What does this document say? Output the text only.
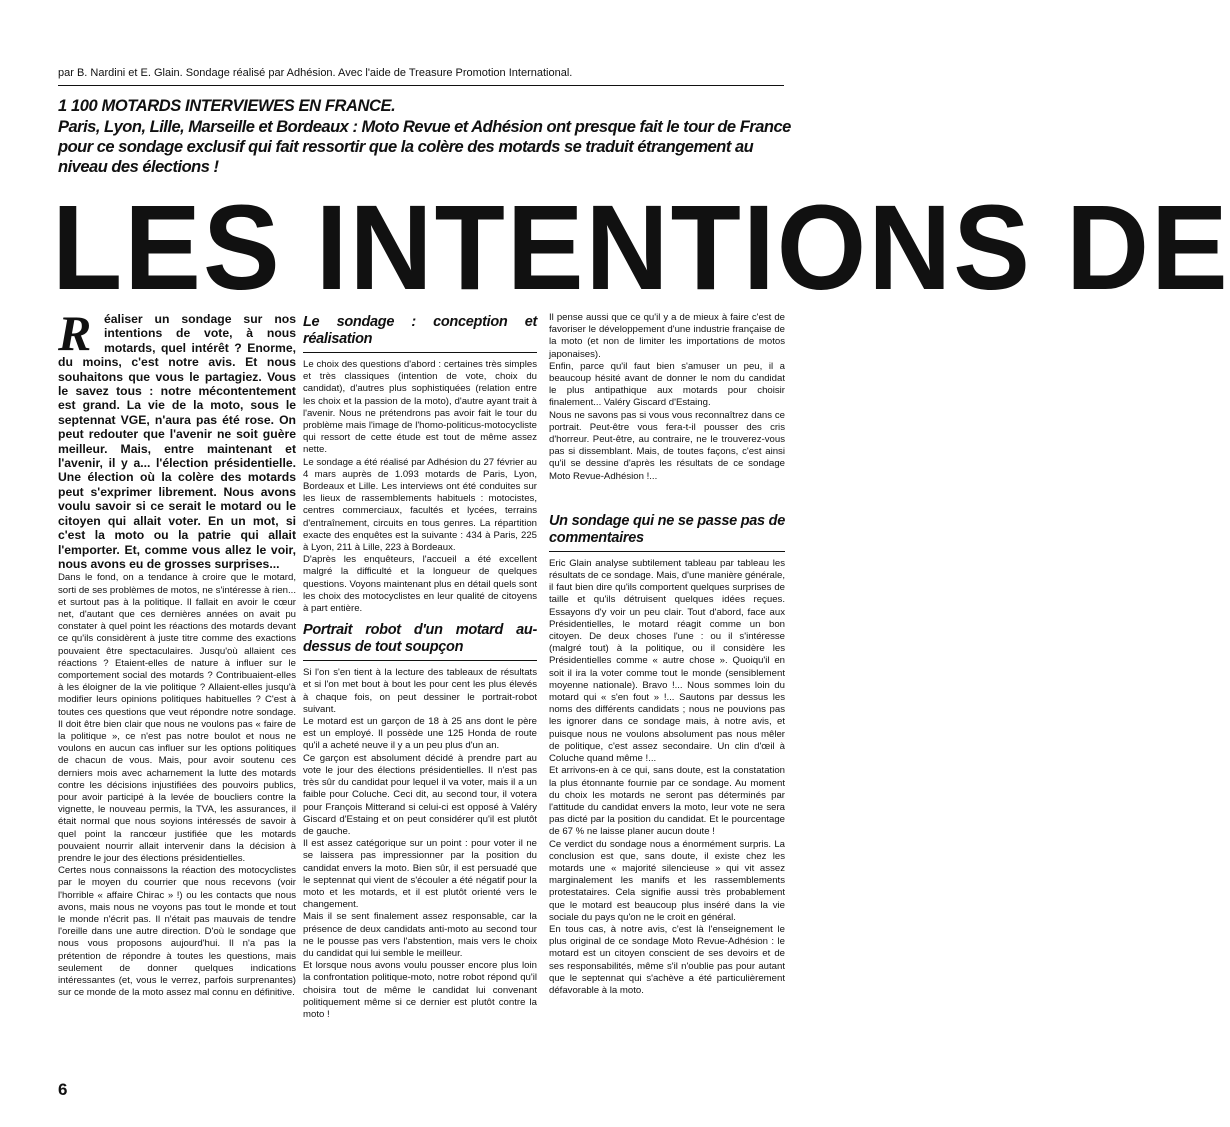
par B. Nardini et E. Glain. Sondage réalisé par Adhésion. Avec l'aide de Treasure Promotion International.
1 100 MOTARDS INTERVIEWES EN FRANCE.
Paris, Lyon, Lille, Marseille et Bordeaux : Moto Revue et Adhésion ont presque fait le tour de France pour ce sondage exclusif qui fait ressortir que la colère des motards se traduit étrangement au niveau des élections !
LES INTENTIONS DE
R	éaliser un sondage sur nos intentions de vote, à nous motards, quel intérêt ? Enorme, du moins, c'est notre avis. Et nous souhaitons que vous le partagiez. Vous le savez tous : notre mécontentement est grand. La vie de la moto, sous le septennat VGE, n'aura pas été rose. On peut redouter que l'avenir ne soit guère meilleur. Mais, entre maintenant et l'avenir, il y a... l'élection présidentielle. Une élection où la colère des motards peut s'exprimer librement. Nous avons voulu savoir si ce serait le motard ou le citoyen qui allait voter. En un mot, si c'est la moto ou la patrie qui allait l'emporter. Et, comme vous allez le voir, nous avons eu de grosses surprises...

Dans le fond, on a tendance à croire que le motard, sorti de ses problèmes de motos, ne s'intéresse à rien... et surtout pas à la politique. Il fallait en avoir le cœur net, d'autant que ces dernières années on avait pu constater à quel point les réactions des motards devant ce qu'ils considèrent à juste titre comme des exactions pouvaient être spectaculaires. Jusqu'où allaient ces réactions ? Etaient-elles de nature à influer sur le comportement social des motards ? Contribuaient-elles à les éloigner de la vie politique ? Allaient-elles jusqu'à modifier leurs opinions politiques habituelles ? C'est à toutes ces questions que veut répondre notre sondage. Il doit être bien clair que nous ne voulons pas « faire de la politique », ce n'est pas notre boulot et nous ne voulons en aucun cas influer sur les options politiques de chacun de vous. Mais, pour avoir soutenu ces derniers mois avec acharnement la lutte des motards contre les décisions injustifiées des pouvoirs publics, pour avoir participé à la levée de boucliers contre la vignette, le nouveau permis, la TVA, les assurances, il était normal que nous soyions intéressés de savoir à quel point la rancœur justifiée que les motards pouvaient nourrir allait intervenir dans la décision à prendre le jour des élections présidentielles.

Certes nous connaissons la réaction des motocyclistes par le moyen du courrier que nous recevons (voir l'horrible « affaire Chirac » !) ou les contacts que nous avons, mais nous ne voyons pas tout le monde et tout le monde n'écrit pas. Il n'était pas mauvais de tendre l'oreille dans une autre direction. D'où le sondage que nous vous proposons aujourd'hui. Il n'a pas la prétention de répondre à toutes les questions, mais seulement de donner quelques indications intéressantes (et, vous le verrez, parfois surprenantes) sur ce monde de la moto assez mal connu en définitive.

Le sondage : conception et réalisation

Le choix des questions d'abord : certaines très simples et très classiques (intention de vote, choix du candidat), d'autres plus sophistiquées (relation entre les choix et la passion de la moto), d'autre ayant trait à l'avenir. Nous ne prétendrons pas avoir fait le tour du problème mais l'image de l'homo-politicus-motocycliste qui ressort de cette étude est tout de même assez nette.

Le sondage a été réalisé par Adhésion du 27 février au 4 mars auprès de 1.093 motards de Paris, Lyon, Bordeaux et Lille. Les interviews ont été conduites sur les lieux de rassemblements habituels : motocistes, centres commerciaux, facultés et lycées, terrains d'entraînement, circuits en tous genres. La répartition exacte des enquêtes est la suivante : 434 à Paris, 225 à Lyon, 211 à Lille, 223 à Bordeaux.

D'après les enquêteurs, l'accueil a été excellent malgré la difficulté et la longueur de quelques questions. Voyons maintenant plus en détail quels sont les choix des motocyclistes en leur qualité de citoyens à part entière.

Portrait robot d'un motard au-dessus de tout soupçon

Si l'on s'en tient à la lecture des tableaux de résultats et si l'on met bout à bout les pour cent les plus élevés à chaque fois, on peut dessiner le portrait-robot suivant.

Le motard est un garçon de 18 à 25 ans dont le père est un employé. Il possède une 125 Honda de route qu'il a acheté neuve il y a un peu plus d'un an.

Ce garçon est absolument décidé à prendre part au vote le jour des élections présidentielles. Il n'est pas très sûr du candidat pour lequel il va voter, mais il a un faible pour Coluche. Ceci dit, au second tour, il votera pour François Mitterand si celui-ci est opposé à Valéry Giscard d'Estaing et on peut considérer qu'il est plutôt de gauche.

Il est assez catégorique sur un point : pour voter il ne se laissera pas impressionner par la position du candidat envers la moto. Bien sûr, il est persuadé que le septennat qui vient de s'écouler a été négatif pour la moto et les motards, et il est plutôt orienté vers le changement.

Mais il se sent finalement assez responsable, car la présence de deux candidats anti-moto au second tour ne le pousse pas vers l'abstention, mais vers le choix du candidat qui lui semble le meilleur.

Et lorsque nous avons voulu pousser encore plus loin la confrontation politique-moto, notre robot répond qu'il choisira tout de même le candidat lui convenant politiquement même si ce dernier est plutôt contre la moto !

Il pense aussi que ce qu'il y a de mieux à faire c'est de favoriser le développement d'une industrie française de la moto (et non de limiter les importations de motos japonaises).

Enfin, parce qu'il faut bien s'amuser un peu, il a beaucoup hésité avant de donner le nom du candidat le plus antipathique aux motards pour choisir finalement... Valéry Giscard d'Estaing.

Nous ne savons pas si vous vous reconnaîtrez dans ce portrait. Peut-être vous fera-t-il pousser des cris d'horreur. Peut-être, au contraire, ne le trouverez-vous pas si dissemblant. Mais, de toutes façons, c'est ainsi qu'il se dessine d'après les résultats de ce sondage Moto Revue-Adhésion !...

Un sondage qui ne se passe pas de commentaires

Eric Glain analyse subtilement tableau par tableau les résultats de ce sondage. Mais, d'une manière générale, il faut bien dire qu'ils comportent quelques surprises de taille et qu'ils détruisent quelques idées reçues. Essayons d'y voir un peu clair. Tout d'abord, face aux Présidentielles, le motard réagit comme un bon citoyen. De deux choses l'une : ou il s'intéresse (malgré tout) à la politique, ou il considère les Présidentielles comme « autre chose ». Quoiqu'il en soit il ira la voter comme tout le monde (sensiblement moyenne nationale). Bravo !... Nous sommes loin du motard qui « s'en fout » !... Sautons par dessus les noms des différents candidats ; nous ne pouvions pas les ignorer dans ce sondage mais, à notre avis, et puisque nous ne voulons absolument pas nous mêler de politique, c'est assez secondaire. Un clin d'œil à Coluche quand même !...

Et arrivons-en à ce qui, sans doute, est la constatation la plus étonnante fournie par ce sondage. Au moment du choix les motards ne seront pas déterminés par l'attitude du candidat envers la moto, leur vote ne sera pas dicté par la position du candidat. Et le pourcentage de 67 % ne laisse planer aucun doute !

Ce verdict du sondage nous a énormément surpris. La conclusion est que, sans doute, il existe chez les motards une « majorité silencieuse » qui vit assez marginalement les manifs et les rassemblements protestataires. Cela signifie aussi très probablement que le motard est beaucoup plus inséré dans la vie sociale du pays qu'on ne le croit en général.

En tous cas, à notre avis, c'est là l'enseignement le plus original de ce sondage Moto Revue-Adhésion : le motard est un citoyen conscient de ses devoirs et de ses responsabilités, même s'il n'oublie pas pour autant que le septennat qui s'achève a été particulièrement défavorable à la moto.

6
